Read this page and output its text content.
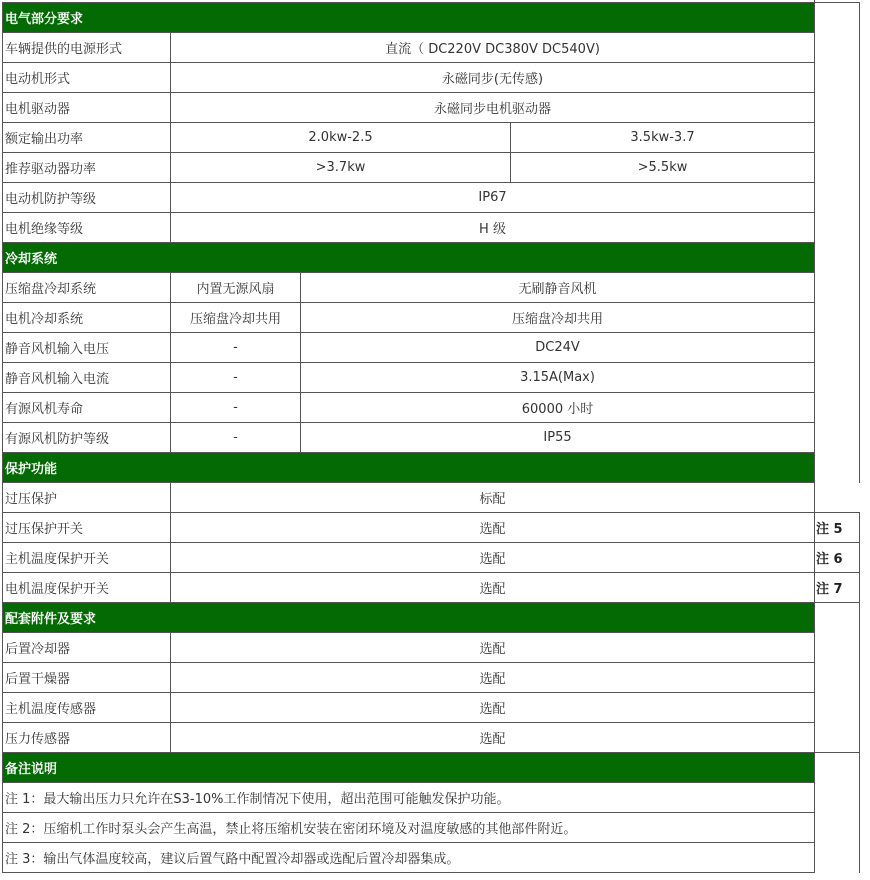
电气部分要求				
车辆提供的电源形式	直流（ DC220V DC380V DC540V)			
电动机形式	永磁同步(无传感)			
电机驱动器	永磁同步电机驱动器			
额定输出功率	2.0kw-2.5		3.5kw-3.7	
推荐驱动器功率	>3.7kw		>5.5kw	
电动机防护等级	IP67			
电机绝缘等级	H 级			
冷却系统				
压缩盘冷却系统	内置无源风扇	无刷静音风机		
电机冷却系统	压缩盘冷却共用	压缩盘冷却共用		
静音风机输入电压	-	DC24V		
静音风机输入电流	-	3.15A(Max)		
有源风机寿命	-	60000 小时		
有源风机防护等级	-	IP55		
保护功能				
过压保护	标配			
过压保护开关	选配			注 5
主机温度保护开关	选配			注 6
电机温度保护开关	选配			注 7
配套附件及要求				
后置冷却器	选配			
后置干燥器	选配			
主机温度传感器	选配			
压力传感器	选配			
备注说明				
注 1：最大输出压力只允许在S3-10%工作制情况下使用，超出范围可能触发保护功能。				
注 2：压缩机工作时泵头会产生高温，禁止将压缩机安装在密闭环境及对温度敏感的其他部件附近。				
注 3：输出气体温度较高，建议后置气路中配置冷却器或选配后置冷却器集成。				
